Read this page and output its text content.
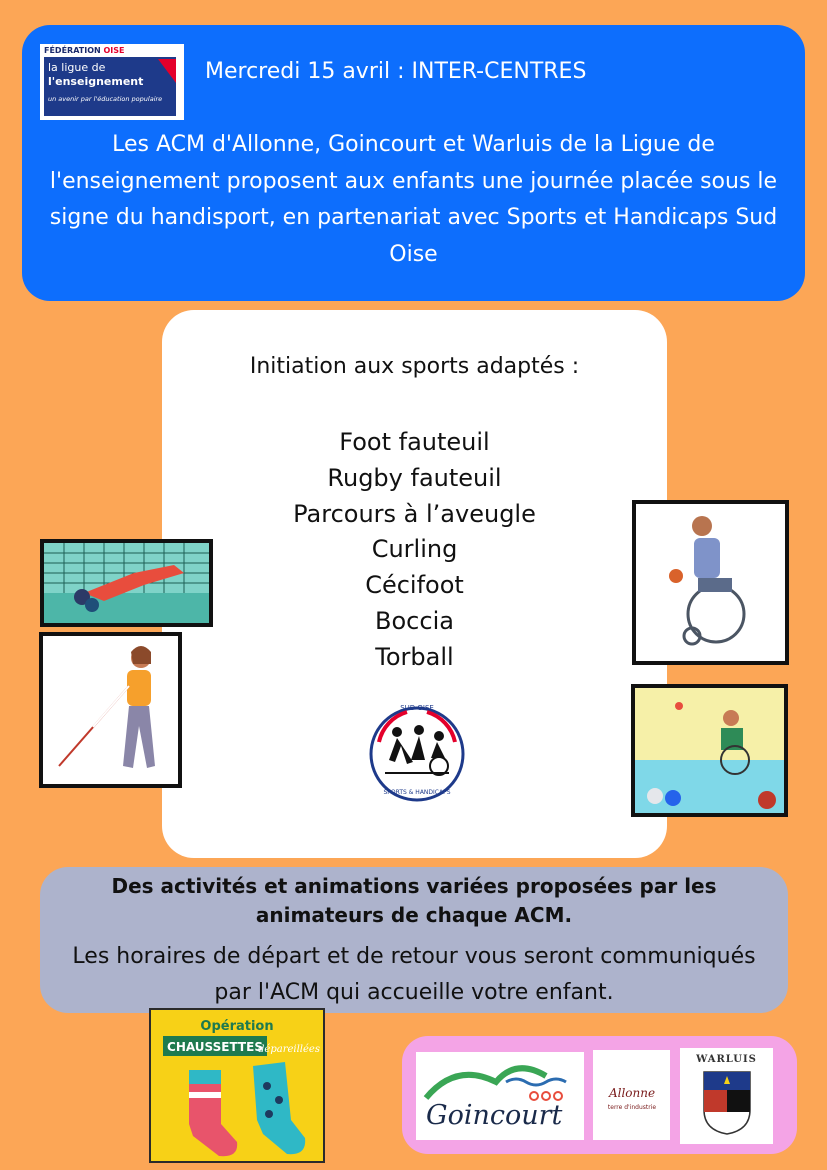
FÉDÉRATION OISE
la ligue de
l'enseignement
un avenir par l'éducation populaire
Mercredi 15 avril : INTER-CENTRES
Les ACM d'Allonne, Goincourt et Warluis de la Ligue de l'enseignement proposent aux enfants une journée placée sous le signe du handisport, en partenariat avec Sports et Handicaps Sud Oise
Initiation aux sports adaptés :
Foot fauteuil
Rugby fauteuil
Parcours à l’aveugle
Curling
Cécifoot
Boccia
Torball
SUD OISE
SPORTS & HANDICAPS
Des activités et animations variées proposées par les animateurs de chaque ACM.
Les horaires de départ et de retour vous seront communiqués par l'ACM qui accueille votre enfant.
Opération
CHAUSSETTES
dépareillées
Goincourt
Allonne
terre d'industrie
WARLUIS
